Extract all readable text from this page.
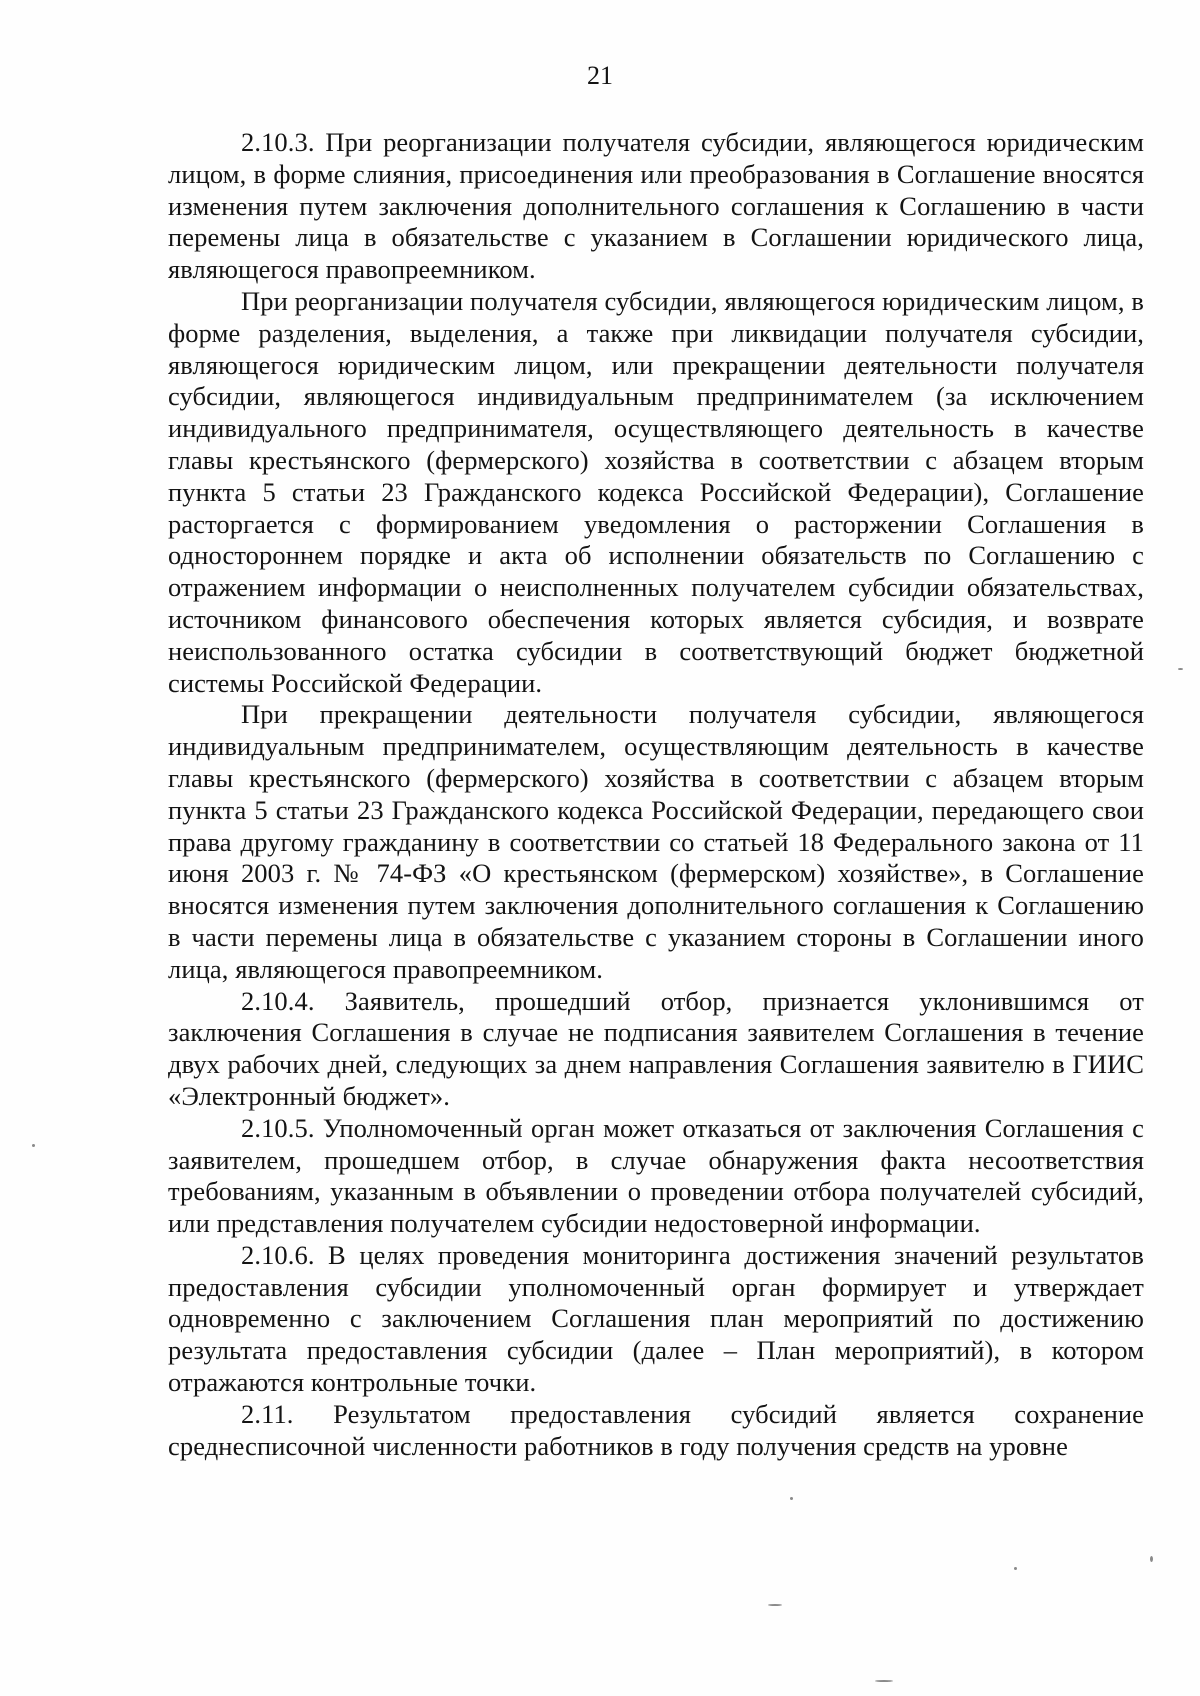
21

2.10.3. При реорганизации получателя субсидии, являющегося юридическим лицом, в форме слияния, присоединения или преобразования в Соглашение вносятся изменения путем заключения дополнительного соглашения к Соглашению в части перемены лица в обязательстве с указанием в Соглашении юридического лица, являющегося правопреемником.

При реорганизации получателя субсидии, являющегося юридическим лицом, в форме разделения, выделения, а также при ликвидации получателя субсидии, являющегося юридическим лицом, или прекращении деятельности получателя субсидии, являющегося индивидуальным предпринимателем (за исключением индивидуального предпринимателя, осуществляющего деятельность в качестве главы крестьянского (фермерского) хозяйства в соответствии с абзацем вторым пункта 5 статьи 23 Гражданского кодекса Российской Федерации), Соглашение расторгается с формированием уведомления о расторжении Соглашения в одностороннем порядке и акта об исполнении обязательств по Соглашению с отражением информации о неисполненных получателем субсидии обязательствах, источником финансового обеспечения которых является субсидия, и возврате неиспользованного остатка субсидии в соответствующий бюджет бюджетной системы Российской Федерации.

При прекращении деятельности получателя субсидии, являющегося индивидуальным предпринимателем, осуществляющим деятельность в качестве главы крестьянского (фермерского) хозяйства в соответствии с абзацем вторым пункта 5 статьи 23 Гражданского кодекса Российской Федерации, передающего свои права другому гражданину в соответствии со статьей 18 Федерального закона от 11 июня 2003 г. № 74-ФЗ «О крестьянском (фермерском) хозяйстве», в Соглашение вносятся изменения путем заключения дополнительного соглашения к Соглашению в части перемены лица в обязательстве с указанием стороны в Соглашении иного лица, являющегося правопреемником.

2.10.4. Заявитель, прошедший отбор, признается уклонившимся от заключения Соглашения в случае не подписания заявителем Соглашения в течение двух рабочих дней, следующих за днем направления Соглашения заявителю в ГИИС «Электронный бюджет».

2.10.5. Уполномоченный орган может отказаться от заключения Соглашения с заявителем, прошедшем отбор, в случае обнаружения факта несоответствия требованиям, указанным в объявлении о проведении отбора получателей субсидий, или представления получателем субсидии недостоверной информации.

2.10.6. В целях проведения мониторинга достижения значений результатов предоставления субсидии уполномоченный орган формирует и утверждает одновременно с заключением Соглашения план мероприятий по достижению результата предоставления субсидии (далее – План мероприятий), в котором отражаются контрольные точки.

2.11. Результатом предоставления субсидий является сохранение среднесписочной численности работников в году получения средств на уровне
